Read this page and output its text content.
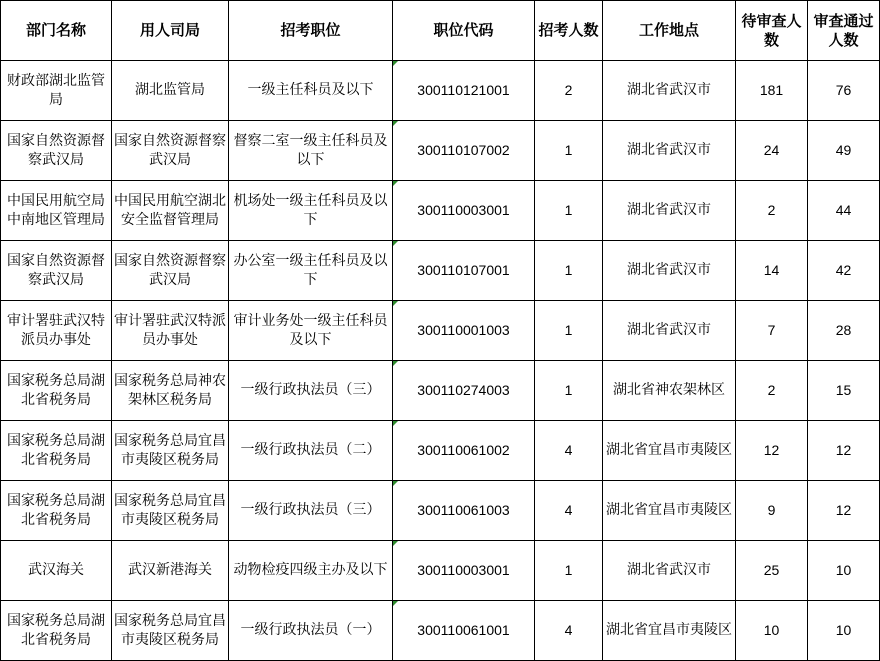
部门名称	用人司局	招考职位	职位代码	招考人数	工作地点	待审查人数	审查通过人数
财政部湖北监管局	湖北监管局	一级主任科员及以下	300110121001	2	湖北省武汉市	181	76
国家自然资源督察武汉局	国家自然资源督察武汉局	督察二室一级主任科员及以下	300110107002	1	湖北省武汉市	24	49
中国民用航空局中南地区管理局	中国民用航空湖北安全监督管理局	机场处一级主任科员及以下	300110003001	1	湖北省武汉市	2	44
国家自然资源督察武汉局	国家自然资源督察武汉局	办公室一级主任科员及以下	300110107001	1	湖北省武汉市	14	42
审计署驻武汉特派员办事处	审计署驻武汉特派员办事处	审计业务处一级主任科员及以下	300110001003	1	湖北省武汉市	7	28
国家税务总局湖北省税务局	国家税务总局神农架林区税务局	一级行政执法员（三）	300110274003	1	湖北省神农架林区	2	15
国家税务总局湖北省税务局	国家税务总局宜昌市夷陵区税务局	一级行政执法员（二）	300110061002	4	湖北省宜昌市夷陵区	12	12
国家税务总局湖北省税务局	国家税务总局宜昌市夷陵区税务局	一级行政执法员（三）	300110061003	4	湖北省宜昌市夷陵区	9	12
武汉海关	武汉新港海关	动物检疫四级主办及以下	300110003001	1	湖北省武汉市	25	10
国家税务总局湖北省税务局	国家税务总局宜昌市夷陵区税务局	一级行政执法员（一）	300110061001	4	湖北省宜昌市夷陵区	10	10
